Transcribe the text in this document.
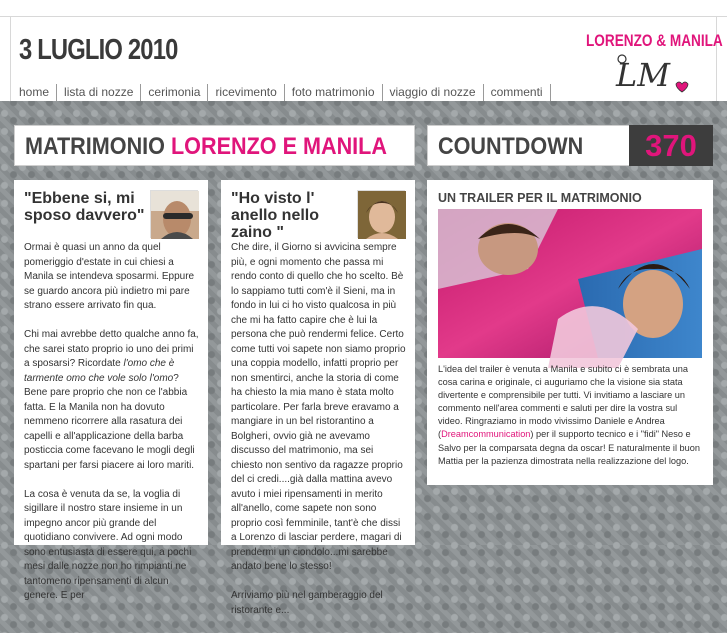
3 LUGLIO 2010	LORENZO & MANILA
LM
home	lista di nozze	cerimonia	ricevimento	foto matrimonio	viaggio di nozze	commenti
MATRIMONIO LORENZO E MANILA COUNTDOWN	370
"Ebbene si, mi sposo davvero"

Ormai è quasi un anno da quel pomeriggio d'estate in cui chiesi a Manila se intendeva sposarmi. Eppure se guardo ancora più indietro mi pare strano essere arrivato fin qua.

Chi mai avrebbe detto qualche anno fa, che sarei stato proprio io uno dei primi a sposarsi? Ricordate l'omo che è tarmente omo che vole solo l'omo? Bene pare proprio che non ce l'abbia fatta. E la Manila non ha dovuto nemmeno ricorrere alla rasatura dei capelli e all'applicazione della barba posticcia come facevano le mogli degli spartani per farsi piacere ai loro mariti.

La cosa è venuta da se, la voglia di sigillare il nostro stare insieme in un impegno ancor più grande del quotidiano convivere. Ad ogni modo sono entusiasta di essere qui, a pochi mesi dalle nozze non ho rimpianti ne tantomeno ripensamenti di alcun genere. E per

"Ho visto l' anello nello zaino "

Che dire, il Giorno si avvicina sempre più, e ogni momento che passa mi rendo conto di quello che ho scelto. Bè lo sappiamo tutti com'è il Sieni, ma in fondo in lui ci ho visto qualcosa in più che mi ha fatto capire che è lui la persona che può rendermi felice. Certo come tutti voi sapete non siamo proprio una coppia modello, infatti proprio per non smentirci, anche la storia di come ha chiesto la mia mano è stata molto particolare. Per farla breve eravamo a mangiare in un bel ristorantino a Bolgheri, ovvio già ne avevamo discusso del matrimonio, ma sei chiesto non sentivo da ragazze proprio del ci credi....già dalla mattina avevo avuto i miei ripensamenti in merito all'anello, come sapete non sono proprio così femminile, tant'è che dissi a Lorenzo di lasciar perdere, magari di prendermi un ciondolo...mi sarebbe andato bene lo stesso!

Arriviamo più nel gamberaggio del ristorante e...

UN TRAILER PER IL MATRIMONIO
L'idea del trailer è venuta a Manila e subito ci è sembrata una cosa carina e originale, ci auguriamo che la visione sia stata divertente e comprensibile per tutti. Vi invitiamo a lasciare un commento nell'area commenti e saluti per dire la vostra sul video. Ringraziamo in modo vivissimo Daniele e Andrea (Dreamcommunication) per il supporto tecnico e i "fidi" Neso e Salvo per la comparsata degna da oscar! E naturalmente il buon Mattia per la pazienza dimostrata nella realizzazione del logo.
